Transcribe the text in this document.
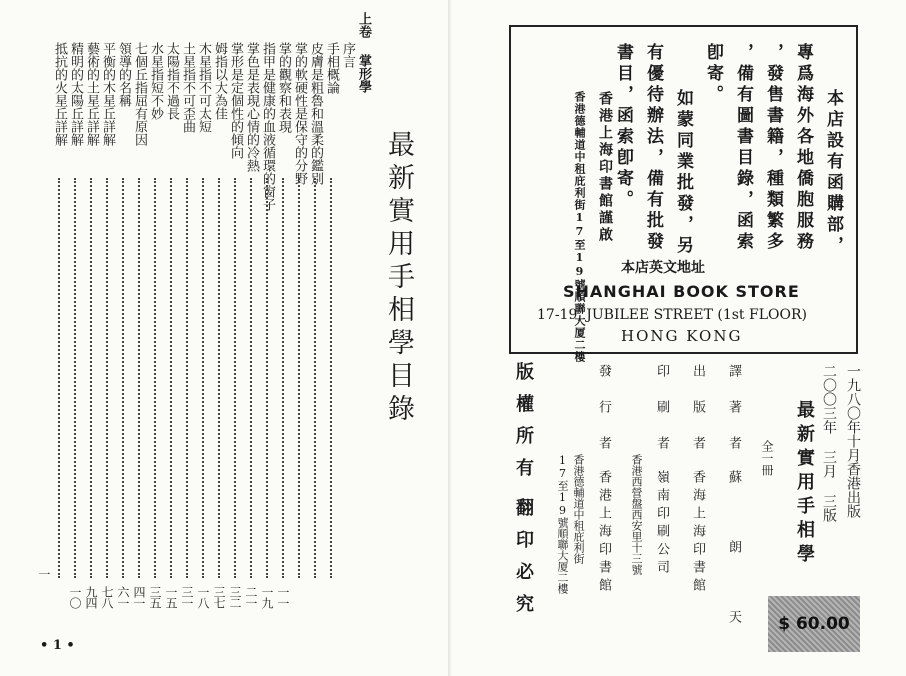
上卷
掌形學
最新實用手相學目錄
序言
手相概論
皮膚是粗魯和溫柔的鑑別
掌的軟硬性是保守的分野
掌的觀察和表現
指甲是健康的血液循環的窗子
掌色是表現心情的冷熱
掌形是定個性的傾向
姆指以大為佳
木星指不可太短
土星指不可歪曲
太陽指不過長
水星指短不妙
七個丘指屈有原因
領導的名稱
平衡的木星丘詳解
藝術的土星丘詳解
精明的太陽丘詳解
抵抗的火星丘詳解
一一
一九
二一
三二
三七
一八
三一
一五
三五
四一
六一
七八
九四
一〇
一
• 1 •
本店設有函購部，
專爲海外各地僑胞服務
，發售書籍，種類繁多
，備有圖書目錄，函索
卽寄。
如蒙同業批發，另
有優待辦法，備有批發
書目，函索卽寄。
香港上海印書館謹啟
香港德輔道中租庇利街17至19號順聯大厦二樓	本店英文地址
SHANGHAI BOOK STORE
17-19, JUBILEE STREET (1st FLOOR)
HONG KONG
版權所有
翻印必究
一九八〇年十月香港出版
二〇〇三年 三月 三版
最新實用手相學
全一冊
譯　著　者
蘇　朗　天
出　版　者
香海上海印書館
印　刷　者
嶺南印刷公司
香港西營盤西安里十三號
發　行　者
香港上海印書館
香港德輔道中租庇利街
17至19號順聯大厦二樓
$ 60.00
